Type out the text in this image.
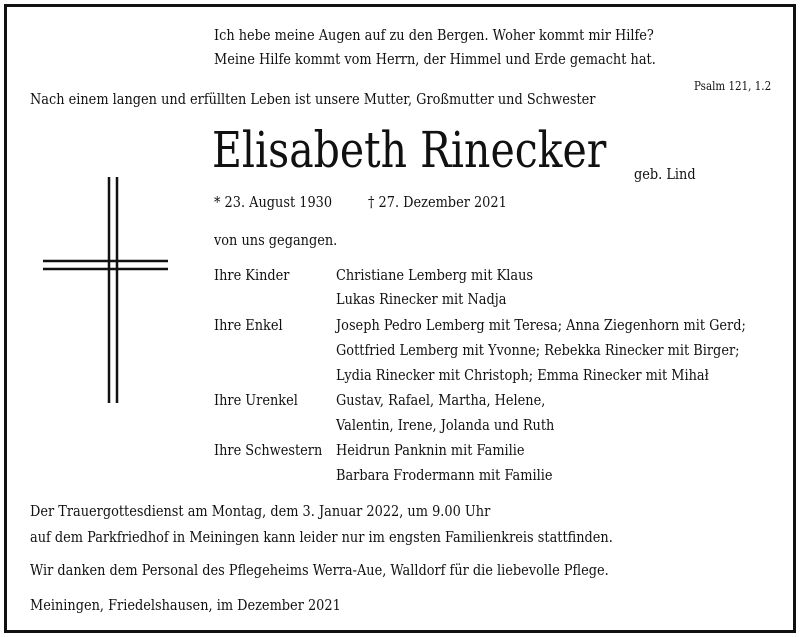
Ich hebe meine Augen auf zu den Bergen. Woher kommt mir Hilfe?
Meine Hilfe kommt vom Herrn, der Himmel und Erde gemacht hat.
Psalm 121, 1.2
Nach einem langen und erfüllten Leben ist unsere Mutter, Großmutter und Schwester
Elisabeth Rinecker geb. Lind
* 23. August 1930 † 27. Dezember 2021
von uns gegangen.
Ihre Kinder	Christiane Lemberg mit Klaus
Lukas Rinecker mit Nadja
Ihre Enkel	Joseph Pedro Lemberg mit Teresa; Anna Ziegenhorn mit Gerd;
Gottfried Lemberg mit Yvonne; Rebekka Rinecker mit Birger;
Lydia Rinecker mit Christoph; Emma Rinecker mit Mihał
Ihre Urenkel	Gustav, Rafael, Martha, Helene,
Valentin, Irene, Jolanda und Ruth
Ihre Schwestern Heidrun Panknin mit Familie
Barbara Frodermann mit Familie
Der Trauergottesdienst am Montag, dem 3. Januar 2022, um 9.00 Uhr
auf dem Parkfriedhof in Meiningen kann leider nur im engsten Familienkreis stattfinden.
Wir danken dem Personal des Pflegeheims Werra-Aue, Walldorf für die liebevolle Pflege.
Meiningen, Friedelshausen, im Dezember 2021
